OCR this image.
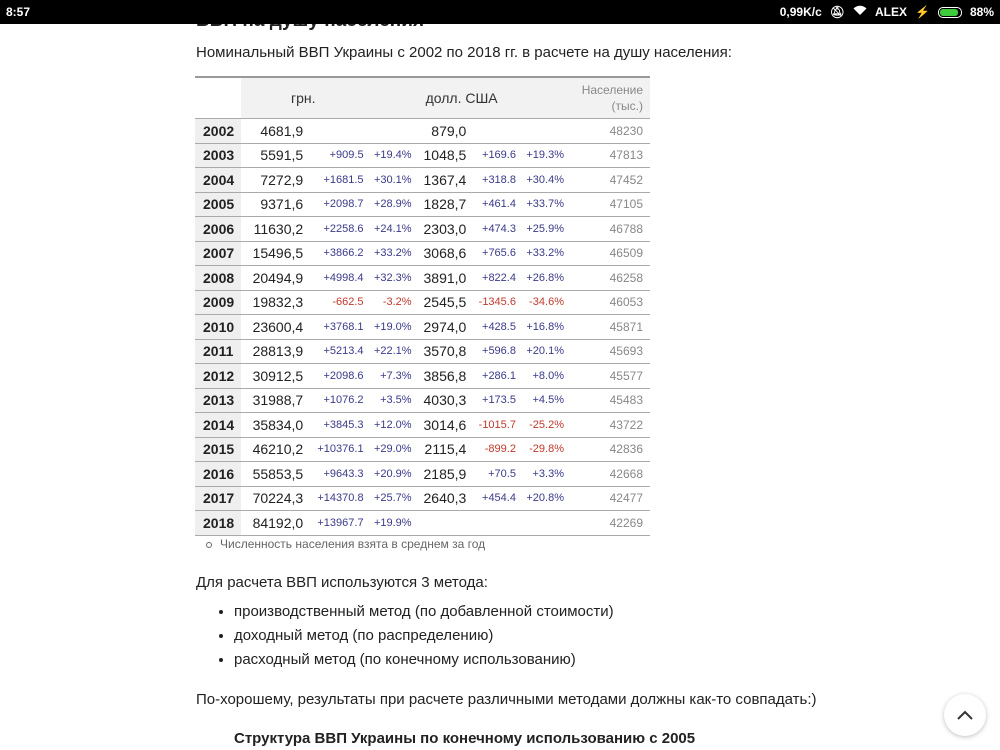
8:57	0,99K/c 🔕︎	ALEX ⚡	88%
Номинальный ВВП Украины с 2002 по 2018 гг. в расчете на душу населения:
	грн.			долл. США			Население
(тыс.)
2002	4681,9			879,0			48230
2003	5591,5	+909.5	+19.4%	1048,5	+169.6	+19.3%	47813
2004	7272,9	+1681.5	+30.1%	1367,4	+318.8	+30.4%	47452
2005	9371,6	+2098.7	+28.9%	1828,7	+461.4	+33.7%	47105
2006	11630,2	+2258.6	+24.1%	2303,0	+474.3	+25.9%	46788
2007	15496,5	+3866.2	+33.2%	3068,6	+765.6	+33.2%	46509
2008	20494,9	+4998.4	+32.3%	3891,0	+822.4	+26.8%	46258
2009	19832,3	-662.5	-3.2%	2545,5	-1345.6	-34.6%	46053
2010	23600,4	+3768.1	+19.0%	2974,0	+428.5	+16.8%	45871
2011	28813,9	+5213.4	+22.1%	3570,8	+596.8	+20.1%	45693
2012	30912,5	+2098.6	+7.3%	3856,8	+286.1	+8.0%	45577
2013	31988,7	+1076.2	+3.5%	4030,3	+173.5	+4.5%	45483
2014	35834,0	+3845.3	+12.0%	3014,6	-1015.7	-25.2%	43722
2015	46210,2	+10376.1	+29.0%	2115,4	-899.2	-29.8%	42836
2016	55853,5	+9643.3	+20.9%	2185,9	+70.5	+3.3%	42668
2017	70224,3	+14370.8	+25.7%	2640,3	+454.4	+20.8%	42477
2018	84192,0	+13967.7	+19.9%				42269
Численность населения взята в среднем за год
Для расчета ВВП используются 3 метода:
• производственный метод (по добавленной стоимости)
• доходный метод (по распределению)
• расходный метод (по конечному использованию)
По-хорошему, результаты при расчете различными методами должны как-то совпадать:)
Структура ВВП Украины по конечному использованию с 2005
